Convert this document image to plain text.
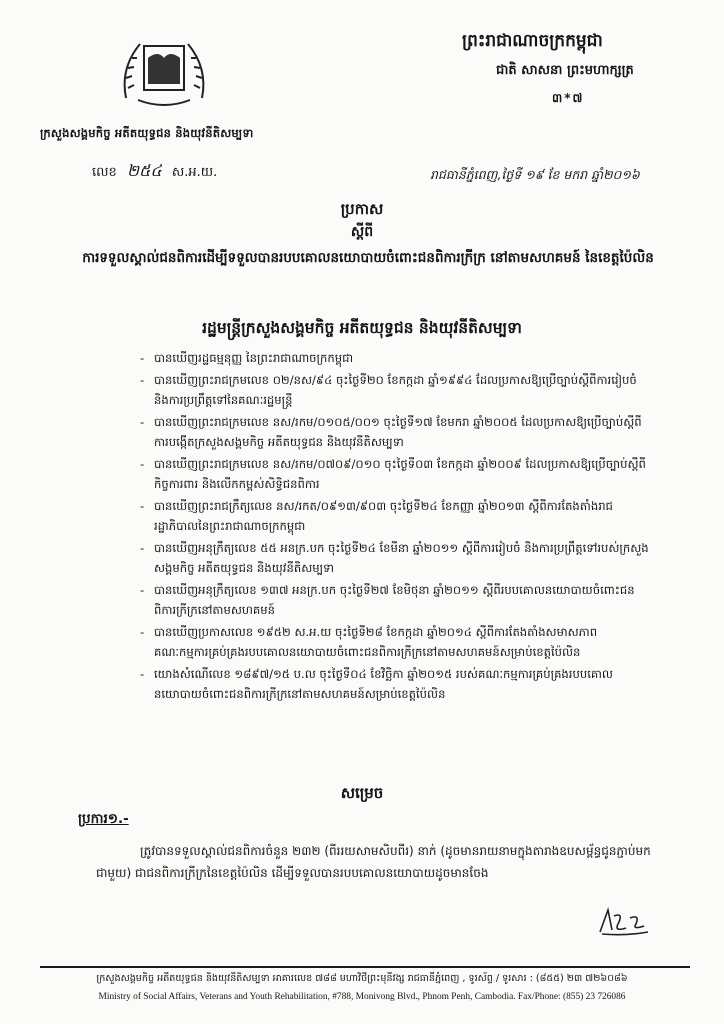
ក្រសួងសង្គមកិច្ច អតីតយុទ្ធជន និងយុវនីតិសម្បទា
លេខ ២៥៤ ស.អ.យ.
ព្រះរាជាណាចក្រកម្ពុជា
ជាតិ សាសនា ព្រះមហាក្សត្រ
៣*៧
រាជធានីភ្នំពេញ,ថ្ងៃទី ១៩ ខែ មករា ឆ្នាំ២០១៦
ប្រកាស
ស្ដីពី
ការទទួលស្គាល់ជនពិការដើម្បីទទួលបានរបបគោលនយោបាយចំពោះជនពិការក្រីក្រ នៅតាមសហគមន៍ នៃខេត្តប៉ៃលិន
រដ្ឋមន្ត្រីក្រសួងសង្គមកិច្ច អតីតយុទ្ធជន និងយុវនីតិសម្បទា
- បានឃើញរដ្ឋធម្មនុញ្ញ នៃព្រះរាជាណាចក្រកម្ពុជា
- បានឃើញព្រះរាជក្រមលេខ ០២/នស/៩៤ ចុះថ្ងៃទី២០ ខែកក្កដា ឆ្នាំ១៩៩៤ ដែលប្រកាសឱ្យប្រើច្បាប់ស្ដីពីការរៀបចំ និងការប្រព្រឹត្តទៅនៃគណៈរដ្ឋមន្ត្រី
- បានឃើញព្រះរាជក្រមលេខ នស/រកម/០១០៥/០០១ ចុះថ្ងៃទី១៧ ខែមករា ឆ្នាំ២០០៥ ដែលប្រកាសឱ្យប្រើច្បាប់ស្ដីពីការបង្កើតក្រសួងសង្គមកិច្ច អតីតយុទ្ធជន និងយុវនីតិសម្បទា
- បានឃើញព្រះរាជក្រមលេខ នស/រកម/០៧០៩/០១០ ចុះថ្ងៃទី០៣ ខែកក្កដា ឆ្នាំ២០០៩ ដែលប្រកាសឱ្យប្រើច្បាប់ស្ដីពីកិច្ចការពារ និងលើកកម្ពស់សិទ្ធិជនពិការ
- បានឃើញព្រះរាជក្រឹត្យលេខ នស/រកត/០៩១៣/៩០៣ ចុះថ្ងៃទី២៤ ខែកញ្ញា ឆ្នាំ២០១៣ ស្ដីពីការតែងតាំងរាជរដ្ឋាភិបាលនៃព្រះរាជាណាចក្រកម្ពុជា
- បានឃើញអនុក្រឹត្យលេខ ៥៥ អនក្រ.បក ចុះថ្ងៃទី២៤ ខែមីនា ឆ្នាំ២០១១ ស្ដីពីការរៀបចំ និងការប្រព្រឹត្តទៅរបស់ក្រសួងសង្គមកិច្ច អតីតយុទ្ធជន និងយុវនីតិសម្បទា
- បានឃើញអនុក្រឹត្យលេខ ១៣៧ អនក្រ.បក ចុះថ្ងៃទី២៧ ខែមិថុនា ឆ្នាំ២០១១ ស្ដីពីរបបគោលនយោបាយចំពោះជនពិការក្រីក្រនៅតាមសហគមន៍
- បានឃើញប្រកាសលេខ ១៩៥២ ស.អ.យ ចុះថ្ងៃទី២៨ ខែកក្កដា ឆ្នាំ២០១៤ ស្ដីពីការតែងតាំងសមាសភាពគណៈកម្មការគ្រប់គ្រងរបបគោលនយោបាយចំពោះជនពិការក្រីក្រនៅតាមសហគមន៍សម្រាប់ខេត្តប៉ៃលិន
- យោងសំណើលេខ ១៨៩៧/១៥ ប.ល ចុះថ្ងៃទី០៤ ខែវិច្ឆិកា ឆ្នាំ២០១៥ របស់គណៈកម្មការគ្រប់គ្រងរបបគោលនយោបាយចំពោះជនពិការក្រីក្រនៅតាមសហគមន៍សម្រាប់ខេត្តប៉ៃលិន
សម្រេច
ប្រការ១.-
ត្រូវបានទទួលស្គាល់ជនពិការចំនួន ២៣២ (ពីររយសាមសិបពីរ) នាក់ (ដូចមានរាយនាមក្នុងតារាងឧបសម្ព័ន្ធជូនភ្ជាប់មកជាមួយ) ជាជនពិការក្រីក្រនៃខេត្តប៉ៃលិន ដើម្បីទទួលបានរបបគោលនយោបាយដូចមានចែង
ក្រសួងសង្គមកិច្ច អតីតយុទ្ធជន និងយុវនីតិសម្បទា អាគារលេខ ៧៨៨ មហាវិថីព្រះមុនីវង្ស រាជធានីភ្នំពេញ , ទូរស័ព្ទ / ទូរសារ : (៨៥៥) ២៣ ៧២៦០៨៦
Ministry of Social Affairs, Veterans and Youth Rehabilitation, #788, Monivong Blvd., Phnom Penh, Cambodia. Fax/Phone: (855) 23 726086
